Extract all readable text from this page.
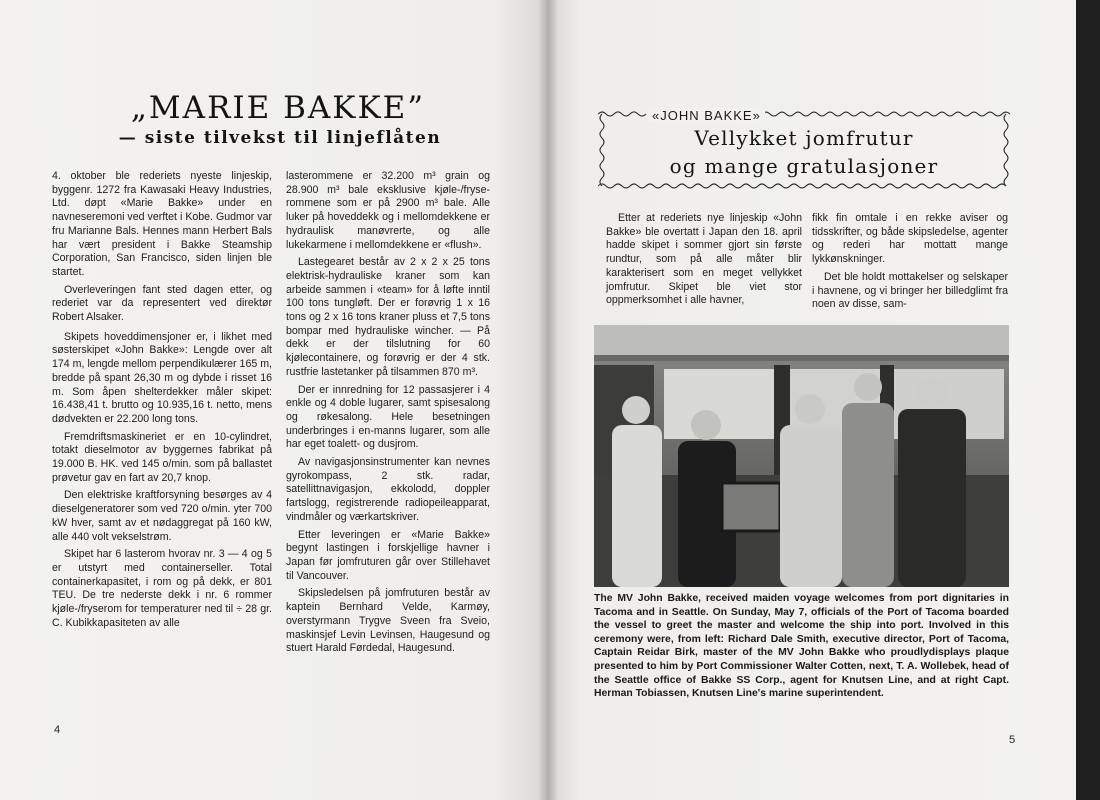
„MARIE BAKKE”
— siste tilvekst til linjeflåten

4. oktober ble rederiets nyeste linjeskip, byggenr. 1272 fra Kawasaki Heavy Industries, Ltd. døpt «Marie Bakke» under en navneseremoni ved verftet i Kobe. Gudmor var fru Marianne Bals. Hennes mann Herbert Bals har vært president i Bakke Steamship Corporation, San Francisco, siden linjen ble startet.

Overleveringen fant sted dagen etter, og rederiet var da representert ved direktør Robert Alsaker.

Skipets hoveddimensjoner er, i likhet med søsterskipet «John Bakke»: Lengde over alt 174 m, lengde mellom perpendikulærer 165 m, bredde på spant 26,30 m og dybde i risset 16 m. Som åpen shelterdekker måler skipet: 16.438,41 t. brutto og 10.935,16 t. netto, mens dødvekten er 22.200 long tons.

Fremdriftsmaskineriet er en 10-cylindret, totakt dieselmotor av byggernes fabrikat på 19.000 B. HK. ved 145 o/min. som på ballastet prøvetur gav en fart av 20,7 knop.

Den elektriske kraftforsyning besørges av 4 dieselgeneratorer som ved 720 o/min. yter 700 kW hver, samt av et nødaggregat på 160 kW, alle 440 volt vekselstrøm.

Skipet har 6 lasterom hvorav nr. 3 — 4 og 5 er utstyrt med containerseller. Total containerkapasitet, i rom og på dekk, er 801 TEU. De tre nederste dekk i nr. 6 rommer kjøle-/fryserom for temperaturer ned til ÷ 28 gr. C. Kubikkapasiteten av alle

lasterommene er 32.200 m³ grain og 28.900 m³ bale eksklusive kjøle-/fryserommene som er på 2900 m³ bale. Alle luker på hoveddekk og i mellomdekkene er hydraulisk manøvrerte, og alle lukekarmene i mellomdekkene er «flush».

Lastegearet består av 2 x 2 x 25 tons elektrisk-hydrauliske kraner som kan arbeide sammen i «team» for å løfte inntil 100 tons tungløft. Der er forøvrig 1 x 16 tons og 2 x 16 tons kraner pluss et 7,5 tons bompar med hydrauliske wincher. — På dekk er der tilslutning for 60 kjølecontainere, og forøvrig er der 4 stk. rustfrie lastetanker på tilsammen 870 m³.

Der er innredning for 12 passasjerer i 4 enkle og 4 doble lugarer, samt spisesalong og røkesalong. Hele besetningen underbringes i en-manns lugarer, som alle har eget toalett- og dusjrom.

Av navigasjonsinstrumenter kan nevnes gyrokompass, 2 stk. radar, satellittnavigasjon, ekkolodd, doppler fartslogg, registrerende radiopeileapparat, vindmåler og værkartskriver.

Etter leveringen er «Marie Bakke» begynt lastingen i forskjellige havner i Japan før jomfruturen går over Stillehavet til Vancouver.

Skipsledelsen på jomfruturen består av kaptein Bernhard Velde, Karmøy, overstyrmann Trygve Sveen fra Sveio, maskinsjef Levin Levinsen, Haugesund og stuert Harald Førdedal, Haugesund.

4
«JOHN BAKKE»
Vellykket jomfrutur
og mange gratulasjoner

Etter at rederiets nye linjeskip «John Bakke» ble overtatt i Japan den 18. april hadde skipet i sommer gjort sin første rundtur, som på alle måter blir karakterisert som en meget vellykket jomfrutur. Skipet ble viet stor oppmerksomhet i alle havner,

fikk fin omtale i en rekke aviser og tidsskrifter, og både skipsledelse, agenter og rederi har mottatt mange lykkønskninger.

Det ble holdt mottakelser og selskaper i havnene, og vi bringer her billedglimt fra noen av disse, sam-

The MV John Bakke, received maiden voyage welcomes from port dignitaries in Tacoma and in Seattle. On Sunday, May 7, officials of the Port of Tacoma boarded the vessel to greet the master and welcome the ship into port. Involved in this ceremony were, from left: Richard Dale Smith, executive director, Port of Tacoma, Captain Reidar Birk, master of the MV John Bakke who proudlydisplays plaque presented to him by Port Commissioner Walter Cotten, next, T. A. Wollebek, head of the Seattle office of Bakke SS Corp., agent for Knutsen Line, and at right Capt. Herman Tobiassen, Knutsen Line's marine superintendent.
5
